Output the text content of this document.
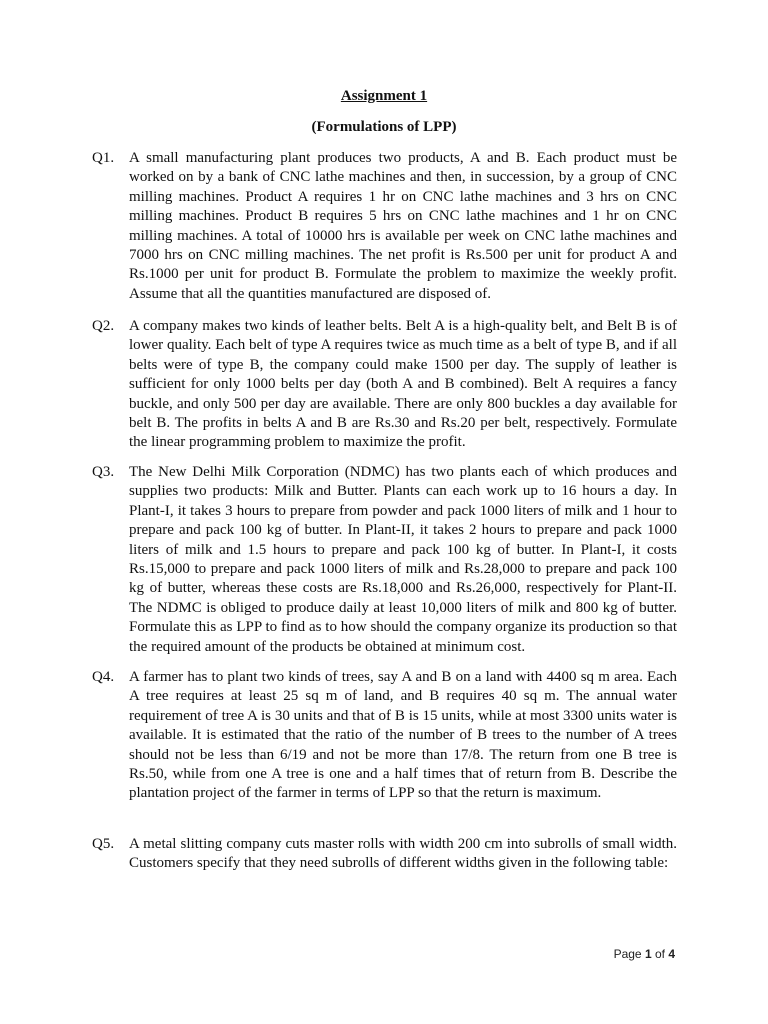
Assignment 1
(Formulations of LPP)
Q1. A small manufacturing plant produces two products, A and B. Each product must be worked on by a bank of CNC lathe machines and then, in succession, by a group of CNC milling machines. Product A requires 1 hr on CNC lathe machines and 3 hrs on CNC milling machines. Product B requires 5 hrs on CNC lathe machines and 1 hr on CNC milling machines. A total of 10000 hrs is available per week on CNC lathe machines and 7000 hrs on CNC milling machines. The net profit is Rs.500 per unit for product A and Rs.1000 per unit for product B. Formulate the problem to maximize the weekly profit. Assume that all the quantities manufactured are disposed of.
Q2. A company makes two kinds of leather belts. Belt A is a high-quality belt, and Belt B is of lower quality. Each belt of type A requires twice as much time as a belt of type B, and if all belts were of type B, the company could make 1500 per day. The supply of leather is sufficient for only 1000 belts per day (both A and B combined). Belt A requires a fancy buckle, and only 500 per day are available. There are only 800 buckles a day available for belt B. The profits in belts A and B are Rs.30 and Rs.20 per belt, respectively. Formulate the linear programming problem to maximize the profit.
Q3. The New Delhi Milk Corporation (NDMC) has two plants each of which produces and supplies two products: Milk and Butter. Plants can each work up to 16 hours a day. In Plant-I, it takes 3 hours to prepare from powder and pack 1000 liters of milk and 1 hour to prepare and pack 100 kg of butter. In Plant-II, it takes 2 hours to prepare and pack 1000 liters of milk and 1.5 hours to prepare and pack 100 kg of butter. In Plant-I, it costs Rs.15,000 to prepare and pack 1000 liters of milk and Rs.28,000 to prepare and pack 100 kg of butter, whereas these costs are Rs.18,000 and Rs.26,000, respectively for Plant-II. The NDMC is obliged to produce daily at least 10,000 liters of milk and 800 kg of butter. Formulate this as LPP to find as to how should the company organize its production so that the required amount of the products be obtained at minimum cost.
Q4. A farmer has to plant two kinds of trees, say A and B on a land with 4400 sq m area. Each A tree requires at least 25 sq m of land, and B requires 40 sq m. The annual water requirement of tree A is 30 units and that of B is 15 units, while at most 3300 units water is available. It is estimated that the ratio of the number of B trees to the number of A trees should not be less than 6/19 and not be more than 17/8. The return from one B tree is Rs.50, while from one A tree is one and a half times that of return from B. Describe the plantation project of the farmer in terms of LPP so that the return is maximum.
Q5. A metal slitting company cuts master rolls with width 200 cm into subrolls of small width. Customers specify that they need subrolls of different widths given in the following table:
Page 1 of 4
